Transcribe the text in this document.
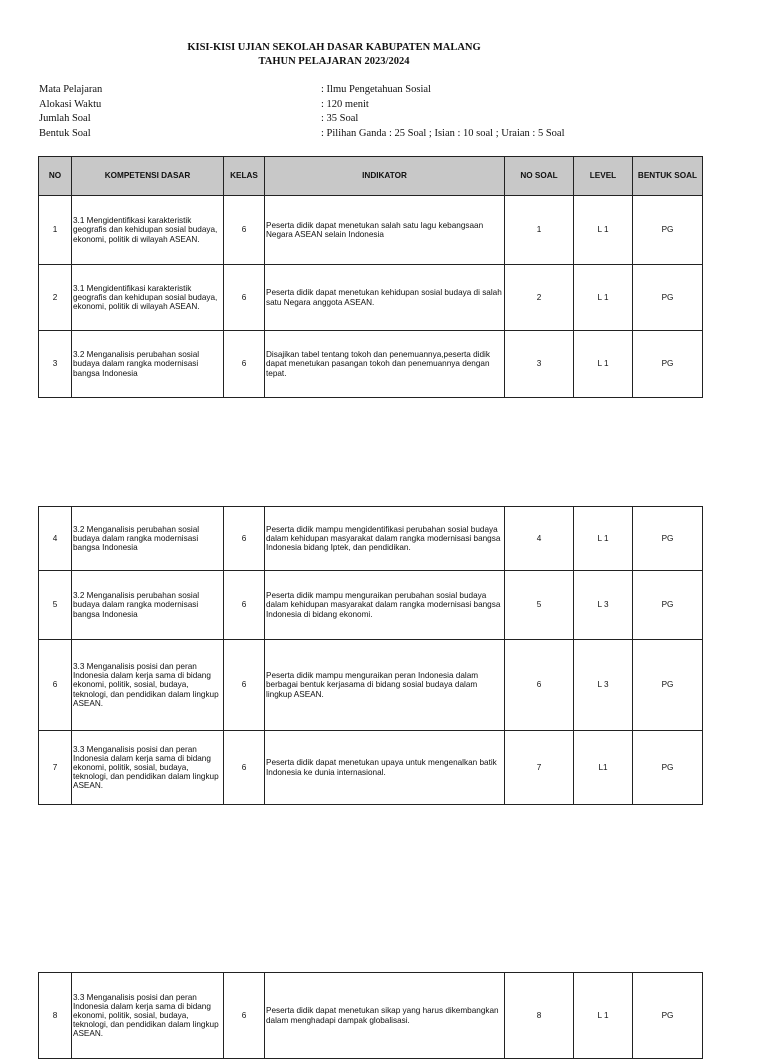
KISI-KISI UJIAN SEKOLAH DASAR KABUPATEN MALANG
TAHUN PELAJARAN 2023/2024
Mata Pelajaran	: Ilmu Pengetahuan Sosial
Alokasi Waktu	: 120 menit
Jumlah Soal	: 35 Soal
Bentuk Soal	: Pilihan Ganda : 25 Soal ; Isian : 10 soal ; Uraian : 5 Soal
NO	KOMPETENSI DASAR	KELAS	INDIKATOR	NO SOAL	LEVEL	BENTUK SOAL
1	3.1 Mengidentifikasi karakteristik geografis dan kehidupan sosial budaya, ekonomi, politik di wilayah ASEAN.	6	Peserta didik dapat menetukan salah satu lagu kebangsaan Negara ASEAN selain Indonesia	1	L 1	PG
2	3.1 Mengidentifikasi karakteristik geografis dan kehidupan sosial budaya, ekonomi, politik di wilayah ASEAN.	6	Peserta didik dapat menetukan kehidupan sosial budaya di salah satu Negara anggota ASEAN.	2	L 1	PG
3	3.2 Menganalisis perubahan sosial budaya dalam rangka modernisasi bangsa Indonesia	6	Disajikan tabel tentang tokoh dan penemuannya,peserta didik dapat menetukan pasangan tokoh dan penemuannya dengan tepat.	3	L 1	PG
4	3.2 Menganalisis perubahan sosial budaya dalam rangka modernisasi bangsa Indonesia	6	Peserta didik mampu mengidentifikasi perubahan sosial budaya dalam kehidupan masyarakat dalam rangka modernisasi bangsa Indonesia bidang Iptek, dan pendidikan.	4	L 1	PG
5	3.2 Menganalisis perubahan sosial budaya dalam rangka modernisasi bangsa Indonesia	6	Peserta didik mampu menguraikan perubahan sosial budaya dalam kehidupan masyarakat dalam rangka modernisasi bangsa Indonesia di bidang ekonomi.	5	L 3	PG
6	3.3 Menganalisis posisi dan peran Indonesia dalam kerja sama di bidang ekonomi, politik, sosial, budaya, teknologi, dan pendidikan dalam lingkup ASEAN.	6	Peserta didik mampu menguraikan peran Indonesia dalam berbagai bentuk kerjasama di bidang sosial budaya dalam lingkup ASEAN.	6	L 3	PG
7	3.3 Menganalisis posisi dan peran Indonesia dalam kerja sama di bidang ekonomi, politik, sosial, budaya, teknologi, dan pendidikan dalam lingkup ASEAN.	6	Peserta didik dapat menetukan upaya untuk mengenalkan batik Indonesia ke dunia internasional.	7	L1	PG
8	3.3 Menganalisis posisi dan peran Indonesia dalam kerja sama di bidang ekonomi, politik, sosial, budaya, teknologi, dan pendidikan dalam lingkup ASEAN.	6	Peserta didik dapat menetukan sikap yang harus dikembangkan dalam menghadapi dampak globalisasi.	8	L 1	PG
